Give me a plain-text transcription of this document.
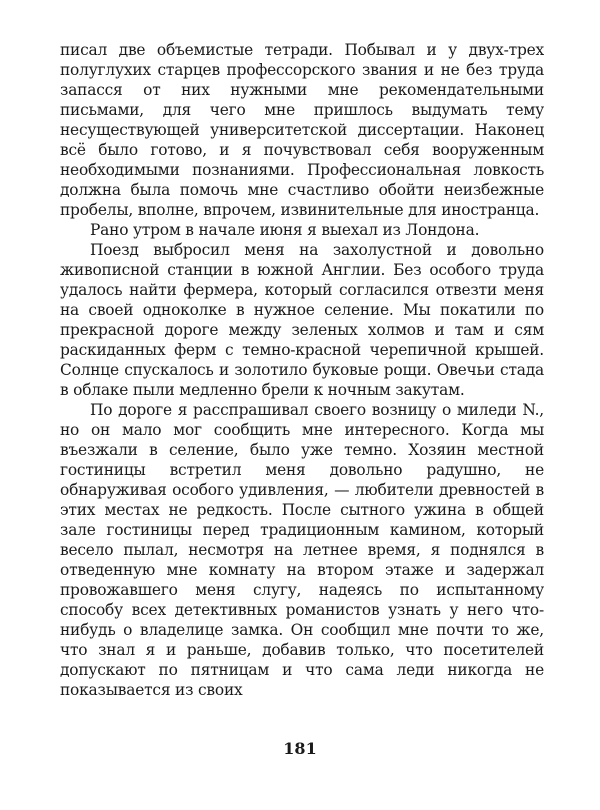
писал две объемистые тетради. Побывал и у двух-трех полуглухих старцев профессорского звания и не без труда запасся от них нужными мне рекомендательными письмами, для чего мне пришлось выдумать тему несуществующей университетской диссертации. Наконец всё было готово, и я почувствовал себя вооруженным необходимыми познаниями. Профессиональная ловкость должна была помочь мне счастливо обойти неизбежные пробелы, вполне, впрочем, извинительные для иностранца.

Рано утром в начале июня я выехал из Лондона.

Поезд выбросил меня на захолустной и довольно живописной станции в южной Англии. Без особого труда удалось найти фермера, который согласился отвезти меня на своей одноколке в нужное селение. Мы покатили по прекрасной дороге между зеленых холмов и там и сям раскиданных ферм с темно-красной черепичной крышей. Солнце спускалось и золотило буковые рощи. Овечьи стада в облаке пыли медленно брели к ночным закутам.

По дороге я расспрашивал своего возницу о миледи N., но он мало мог сообщить мне интересного. Когда мы въезжали в селение, было уже темно. Хозяин местной гостиницы встретил меня довольно радушно, не обнаруживая особого удивления, — любители древностей в этих местах не редкость. После сытного ужина в общей зале гостиницы перед традиционным камином, который весело пылал, несмотря на летнее время, я поднялся в отведенную мне комнату на втором этаже и задержал провожавшего меня слугу, надеясь по испытанному способу всех детективных романистов узнать у него что-нибудь о владелице замка. Он сообщил мне почти то же, что знал я и раньше, добавив только, что посетителей допускают по пятницам и что сама леди никогда не показывается из своих

181
